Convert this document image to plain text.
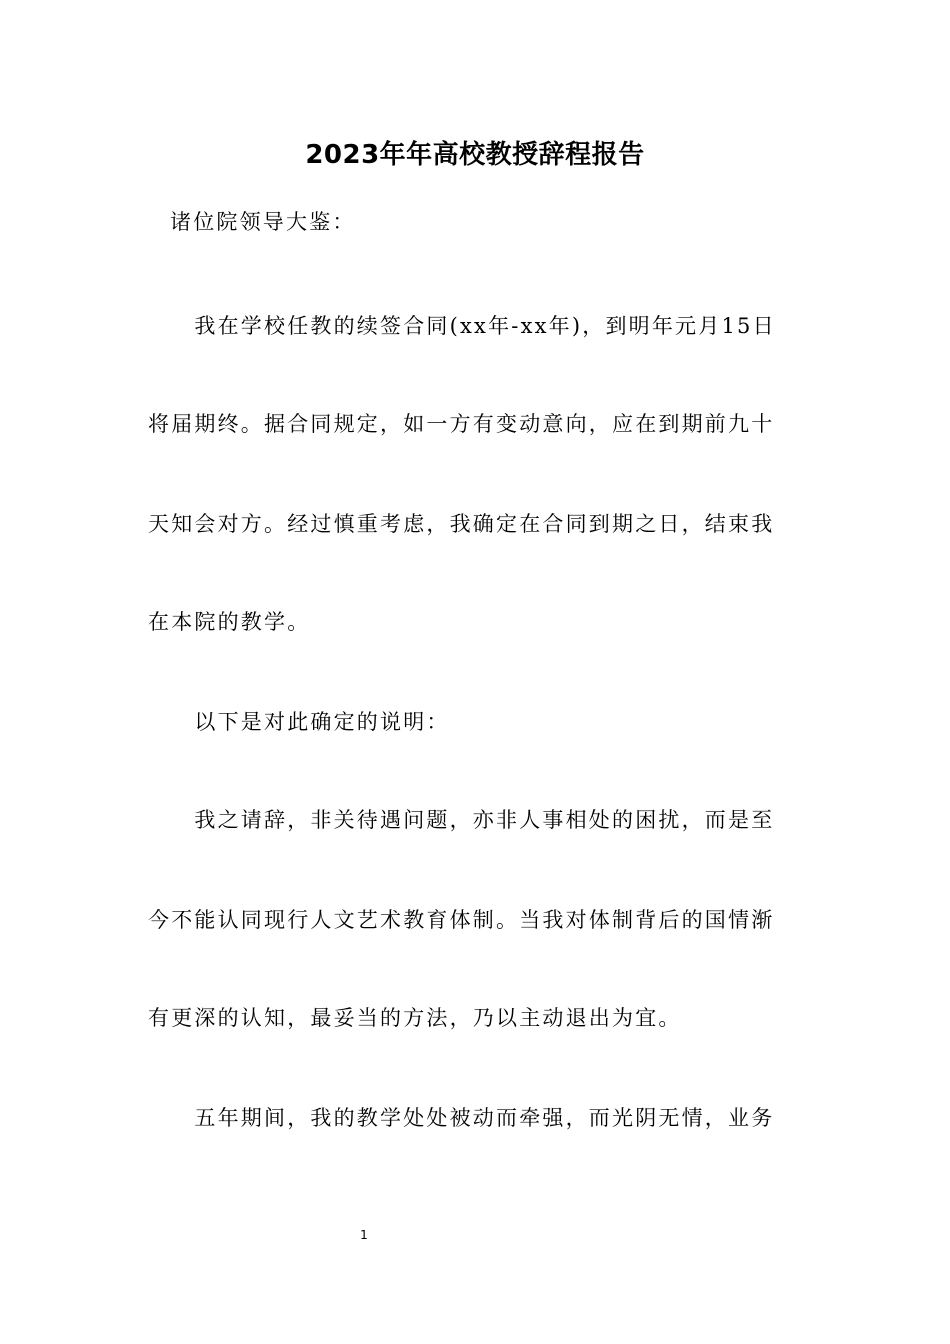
2023年年高校教授辞程报告
诸位院领导大鉴：
　　我在学校任教的续签合同(xx年-xx年)，到明年元月15日
将届期终。据合同规定，如一方有变动意向，应在到期前九十
天知会对方。经过慎重考虑，我确定在合同到期之日，结束我
在本院的教学。
　　以下是对此确定的说明：
　　我之请辞，非关待遇问题，亦非人事相处的困扰，而是至
今不能认同现行人文艺术教育体制。当我对体制背后的国情渐
有更深的认知，最妥当的方法，乃以主动退出为宜。
　　五年期间，我的教学处处被动而牵强，而光阴无情，业务
1
